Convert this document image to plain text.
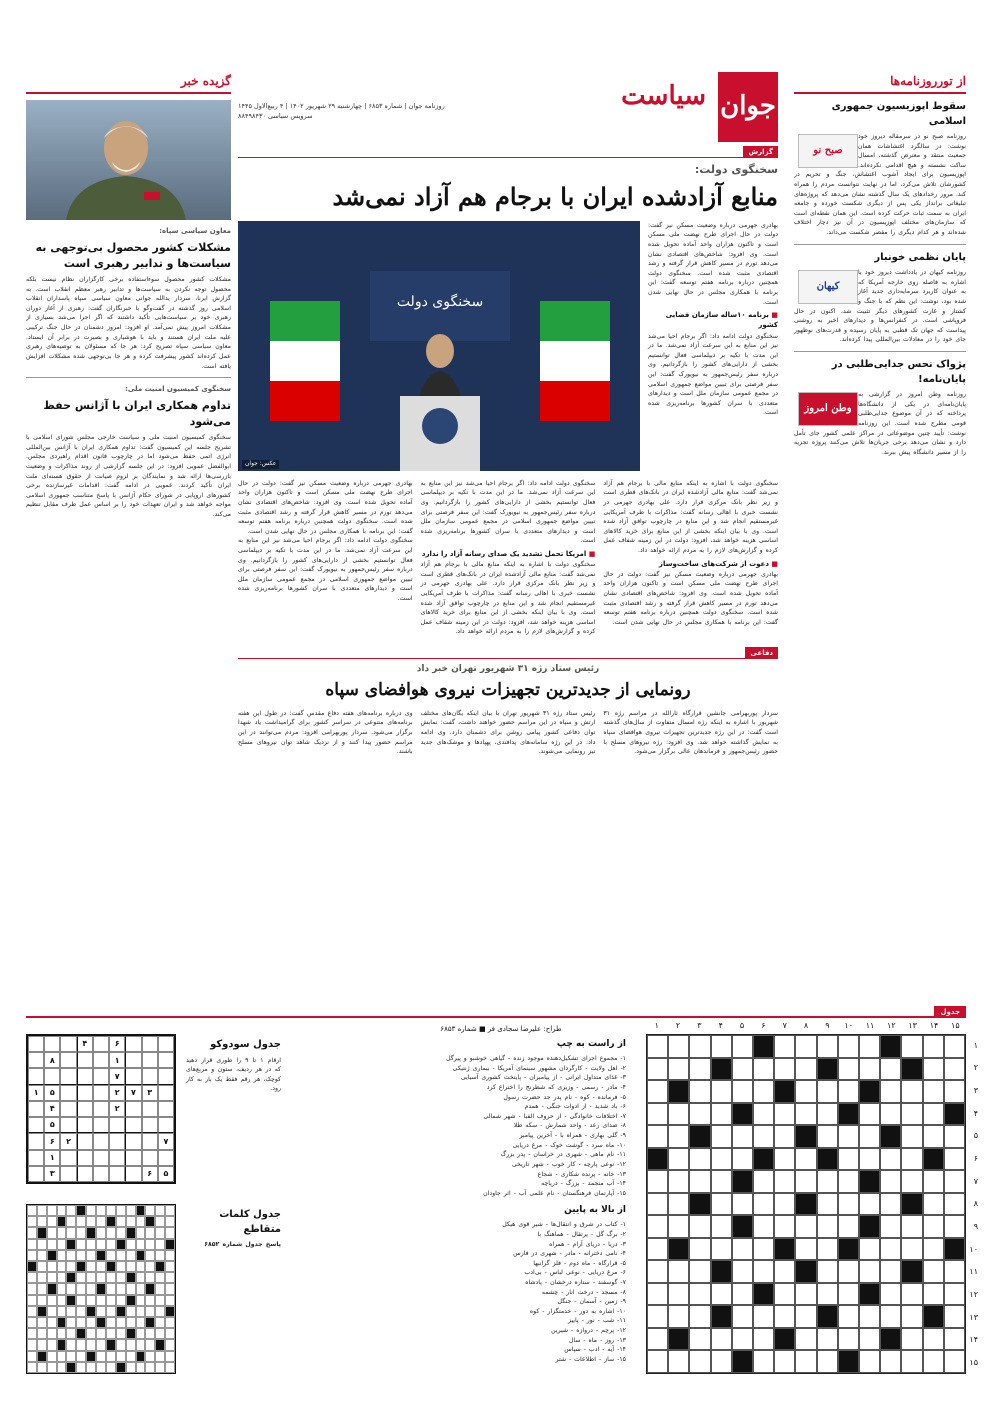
از تورروزنامه‌ها
سقوط اپوزیسیون جمهوری اسلامی
صبح نو
روزنامه صبح نو در سرمقاله دیروز خود نوشت: در سالگرد اغتشاشات همان جمعیت منتقد و معترض گذشته، امسال ساکت نشسته و هیچ اقدامی نکرده‌اند. اپوزیسیون برای ایجاد آشوب اغتشاش، جنگ و تحریم در کشورشان تلاش می‌کرد، اما در نهایت نتوانست مردم را همراه کند. مرور رخدادهای یک سال گذشته نشان می‌دهد که پروژه‌های تبلیغاتی برانداز یکی پس از دیگری شکست خورده و جامعه ایران به سمت ثبات حرکت کرده است. این همان نقطه‌ای است که سازمان‌های مختلف اپوزیسیون در آن نیز دچار اختلاف شده‌اند و هر کدام دیگری را مقصر شکست می‌داند.
پایان نظمی خونبار
کیهان
روزنامه کیهان در یادداشت دیروز خود با اشاره به فاصله روی خارجه آمریکا که به عنوان کاربرد سرمایه‌داری جدید آغاز شده بود، نوشت: این نظم که با جنگ و کشتار و غارت کشورهای دیگر تثبیت شد، اکنون در حال فروپاشی است. در کنفرانس‌ها و دیدارهای اخیر به روشنی پیداست که جهان تک قطبی به پایان رسیده و قدرت‌های نوظهور جای خود را در معادلات بین‌المللی پیدا کرده‌اند.
پژواک نحس جدایی‌طلبی در پایان‌نامه!
وطن امروز
روزنامه وطن امروز در گزارشی به پایان‌نامه‌ای در یکی از دانشگاه‌ها پرداخته که در آن موضوع جدایی‌طلبی قومی مطرح شده است. این روزنامه نوشت: تأیید چنین موضوعاتی در مراکز علمی کشور جای تأمل دارد و نشان می‌دهد برخی جریان‌ها تلاش می‌کنند پروژه تجزیه را از مسیر دانشگاه پیش ببرند.
گزیده خبر
معاون سیاسی سپاه:
مشکلات کشور محصول بی‌توجهی به سیاست‌ها و تدابیر رهبری است
مشکلات کشور محصول سوءاستفاده برخی کارگزاران نظام نیست بلکه محصول توجه نکردن به سیاست‌ها و تدابیر رهبر معظم انقلاب است. به گزارش ایرنا، سردار یدالله جوانی معاون سیاسی سپاه پاسداران انقلاب اسلامی روز گذشته در گفت‌وگو با خبرنگاران گفت: رهبری از آغاز دوران رهبری خود بر سیاست‌هایی تأکید داشتند که اگر اجرا می‌شد بسیاری از مشکلات امروز پیش نمی‌آمد. او افزود: امروز دشمنان در حال جنگ ترکیبی علیه ملت ایران هستند و باید با هوشیاری و بصیرت در برابر آن ایستاد. معاون سیاسی سپاه تصریح کرد: هر جا که مسئولان به توصیه‌های رهبری عمل کرده‌اند کشور پیشرفت کرده و هر جا بی‌توجهی شده مشکلات افزایش یافته است.
سخنگوی کمیسیون امنیت ملی:
تداوم همکاری ایران با آژانس حفظ می‌شود
سخنگوی کمیسیون امنیت ملی و سیاست خارجی مجلس شورای اسلامی با تشریح جلسه این کمیسیون گفت: تداوم همکاری ایران با آژانس بین‌المللی انرژی اتمی حفظ می‌شود اما در چارچوب قانون اقدام راهبردی مجلس. ابوالفضل عمویی افزود: در این جلسه گزارشی از روند مذاکرات و وضعیت بازرسی‌ها ارائه شد و نمایندگان بر لزوم صیانت از حقوق هسته‌ای ملت ایران تأکید کردند. عمویی در ادامه گفت: اقدامات غیرسازنده برخی کشورهای اروپایی در شورای حکام آژانس با پاسخ متناسب جمهوری اسلامی مواجه خواهد شد و ایران تعهدات خود را بر اساس عمل طرف مقابل تنظیم می‌کند.
جوان
سیاست
روزنامه جوان | شماره ۶۸۵۳ | چهارشنبه ۲۹ شهریور ۱۴۰۲ | ۴ ربیع‌الاول ۱۴۴۵
سرویس سیاسی ۸۸۴۹۸۴۳۰
گزارش
سخنگوی دولت:
منابع آزادشده ایران با برجام هم آزاد نمی‌شد
بهادری جهرمی درباره وضعیت مسکن نیز گفت: دولت در حال اجرای طرح نهضت ملی مسکن است و تاکنون هزاران واحد آماده تحویل شده است. وی افزود: شاخص‌های اقتصادی نشان می‌دهد تورم در مسیر کاهش قرار گرفته و رشد اقتصادی مثبت شده است. سخنگوی دولت همچنین درباره برنامه هفتم توسعه گفت: این برنامه با همکاری مجلس در حال نهایی شدن است.
■ برنامه ۱۰ساله سازمان فضایی کشور
سخنگوی دولت ادامه داد: اگر برجام احیا می‌شد نیز این منابع به این سرعت آزاد نمی‌شد. ما در این مدت با تکیه بر دیپلماسی فعال توانستیم بخشی از دارایی‌های کشور را بازگردانیم. وی درباره سفر رئیس‌جمهور به نیویورک گفت: این سفر فرصتی برای تبیین مواضع جمهوری اسلامی در مجمع عمومی سازمان ملل است و دیدارهای متعددی با سران کشورها برنامه‌ریزی شده است.
سخنگوی دولت
عکس: جوان
سخنگوی دولت با اشاره به اینکه منابع مالی با برجام هم آزاد نمی‌شد گفت: منابع مالی آزادشده ایران در بانک‌های قطری است و زیر نظر بانک مرکزی قرار دارد. علی بهادری جهرمی در نشست خبری با اهالی رسانه گفت: مذاکرات با طرف آمریکایی غیرمستقیم انجام شد و این منابع در چارچوب توافق آزاد شده است. وی با بیان اینکه بخشی از این منابع برای خرید کالاهای اساسی هزینه خواهد شد، افزود: دولت در این زمینه شفاف عمل کرده و گزارش‌های لازم را به مردم ارائه خواهد داد.
■ دعوت از شرکت‌های ساخت‌وساز
بهادری جهرمی درباره وضعیت مسکن نیز گفت: دولت در حال اجرای طرح نهضت ملی مسکن است و تاکنون هزاران واحد آماده تحویل شده است. وی افزود: شاخص‌های اقتصادی نشان می‌دهد تورم در مسیر کاهش قرار گرفته و رشد اقتصادی مثبت شده است. سخنگوی دولت همچنین درباره برنامه هفتم توسعه گفت: این برنامه با همکاری مجلس در حال نهایی شدن است.
سخنگوی دولت ادامه داد: اگر برجام احیا می‌شد نیز این منابع به این سرعت آزاد نمی‌شد. ما در این مدت با تکیه بر دیپلماسی فعال توانستیم بخشی از دارایی‌های کشور را بازگردانیم. وی درباره سفر رئیس‌جمهور به نیویورک گفت: این سفر فرصتی برای تبیین مواضع جمهوری اسلامی در مجمع عمومی سازمان ملل است و دیدارهای متعددی با سران کشورها برنامه‌ریزی شده است.
■ امریکا تحمل تشدید یک صدای رسانه آزاد را ندارد
سخنگوی دولت با اشاره به اینکه منابع مالی با برجام هم آزاد نمی‌شد گفت: منابع مالی آزادشده ایران در بانک‌های قطری است و زیر نظر بانک مرکزی قرار دارد. علی بهادری جهرمی در نشست خبری با اهالی رسانه گفت: مذاکرات با طرف آمریکایی غیرمستقیم انجام شد و این منابع در چارچوب توافق آزاد شده است. وی با بیان اینکه بخشی از این منابع برای خرید کالاهای اساسی هزینه خواهد شد، افزود: دولت در این زمینه شفاف عمل کرده و گزارش‌های لازم را به مردم ارائه خواهد داد.
بهادری جهرمی درباره وضعیت مسکن نیز گفت: دولت در حال اجرای طرح نهضت ملی مسکن است و تاکنون هزاران واحد آماده تحویل شده است. وی افزود: شاخص‌های اقتصادی نشان می‌دهد تورم در مسیر کاهش قرار گرفته و رشد اقتصادی مثبت شده است. سخنگوی دولت همچنین درباره برنامه هفتم توسعه گفت: این برنامه با همکاری مجلس در حال نهایی شدن است.
سخنگوی دولت ادامه داد: اگر برجام احیا می‌شد نیز این منابع به این سرعت آزاد نمی‌شد. ما در این مدت با تکیه بر دیپلماسی فعال توانستیم بخشی از دارایی‌های کشور را بازگردانیم. وی درباره سفر رئیس‌جمهور به نیویورک گفت: این سفر فرصتی برای تبیین مواضع جمهوری اسلامی در مجمع عمومی سازمان ملل است و دیدارهای متعددی با سران کشورها برنامه‌ریزی شده است.
دفاعی
رئیس ستاد رژه ۳۱ شهریور تهران خبر داد
رونمایی از جدیدترین تجهیزات نیروی هوافضای سپاه
سردار پوربهرامی جانشین قرارگاه ثارالله در مراسم رژه ۳۱ شهریور با اشاره به اینکه رژه امسال متفاوت از سال‌های گذشته است گفت: در این رژه جدیدترین تجهیزات نیروی هوافضای سپاه به نمایش گذاشته خواهد شد. وی افزود: رژه نیروهای مسلح با حضور رئیس‌جمهور و فرماندهان عالی برگزار می‌شود.
رئیس ستاد رژه ۳۱ شهریور تهران با بیان اینکه یگان‌های مختلف ارتش و سپاه در این مراسم حضور خواهند داشت، گفت: نمایش توان دفاعی کشور پیامی روشن برای دشمنان دارد. وی ادامه داد: در این رژه سامانه‌های پدافندی، پهپادها و موشک‌های جدید نیز رونمایی می‌شوند.
وی درباره برنامه‌های هفته دفاع مقدس گفت: در طول این هفته برنامه‌های متنوعی در سراسر کشور برای گرامیداشت یاد شهدا برگزار می‌شود. سردار پوربهرامی افزود: مردم می‌توانند در این مراسم حضور پیدا کنند و از نزدیک شاهد توان نیروهای مسلح باشند.
جدول
۱۵
۱۴
۱۳
۱۲
۱۱
۱۰
۹
۸
۷
۶
۵
۴
۳
۲
۱
۱
۲
۳
۴
۵
۶
۷
۸
۹
۱۰
۱۱
۱۲
۱۳
۱۴
۱۵
طراح: علیرضا سجادی فر ■ شماره ۶۸۵۳
از راست به چپ
۱- مجموع اجزای تشکیل‌دهنده موجود زنده - گیاهی خوشبو و پیرگل
۲- اهل ولایت - کارگردان مشهور سینمای آمریکا - بیماری ژنتیکی
۳- غذای متداول ایرانی - از پیامبران - پایتخت کشوری آسیایی
۴- مادر - رسمی - وزیری که شطرنج را اختراع کرد
۵- فرمانده - کوه - نام پدر جد حضرت رسول
۶- باد شدید - از ادوات جنگی - همدم
۷- اختلافات خانوادگی - از حروف الفبا - شهر شمالی
۸- صدای رعد - واحد شمارش - سکه طلا
۹- گلی بهاری - همراه با - آخرین پیامبر
۱۰- ماه سرد - گوشت خوک - مرغ دریایی
۱۱- نام ماهی - شهری در خراسان - پدر بزرگ
۱۲- نوعی پارچه - کار خوب - شهر تاریخی
۱۳- خانه - پرنده شکاری - شجاع
۱۴- آب منجمد - بزرگ - دریاچه
۱۵- آپارتمان فرهنگستان - نام علمی آب - اثر جاودان
از بالا به پایین
۱- کتاب در شرق و انتقال‌ها - شیر قوی هیکل
۲- برگ گل - پرتقال - هماهنگ با
۳- دریا - دریای آرام - همراه
۴- نامی دخترانه - مادر - شهری در فارس
۵- قرارگاه - ماه دوم - فلز گرانبها
۶- مرغ دریایی - نوعی لباس - بی‌ادب
۷- گوسفند - ستاره درخشان - پادشاه
۸- مسجد - درخت انار - چشمه
۹- زمین - آسمان - جنگل
۱۰- اشاره به دور - خدمتگزار - کوه
۱۱- شب - نور - پاییز
۱۲- پرچم - دروازه - شیرین
۱۳- روز - ماه - سال
۱۴- آیه - ادب - سپاس
۱۵- ساز - اطلاعات - شتر
جدول سودوکو
ارقام ۱ تا ۹ را طوری قرار دهید که در هر ردیف، ستون و مربع‌های کوچک، هر رقم فقط یک بار به کار رود.
۶
۴
۱
۸
۷
۳
۷
۲
۵
۱
۲
۴
۵
۷
۲
۶
۱
۵
۶
۳
جدول کلمات متقاطع
پاسخ جدول شماره ۶۸۵۲
